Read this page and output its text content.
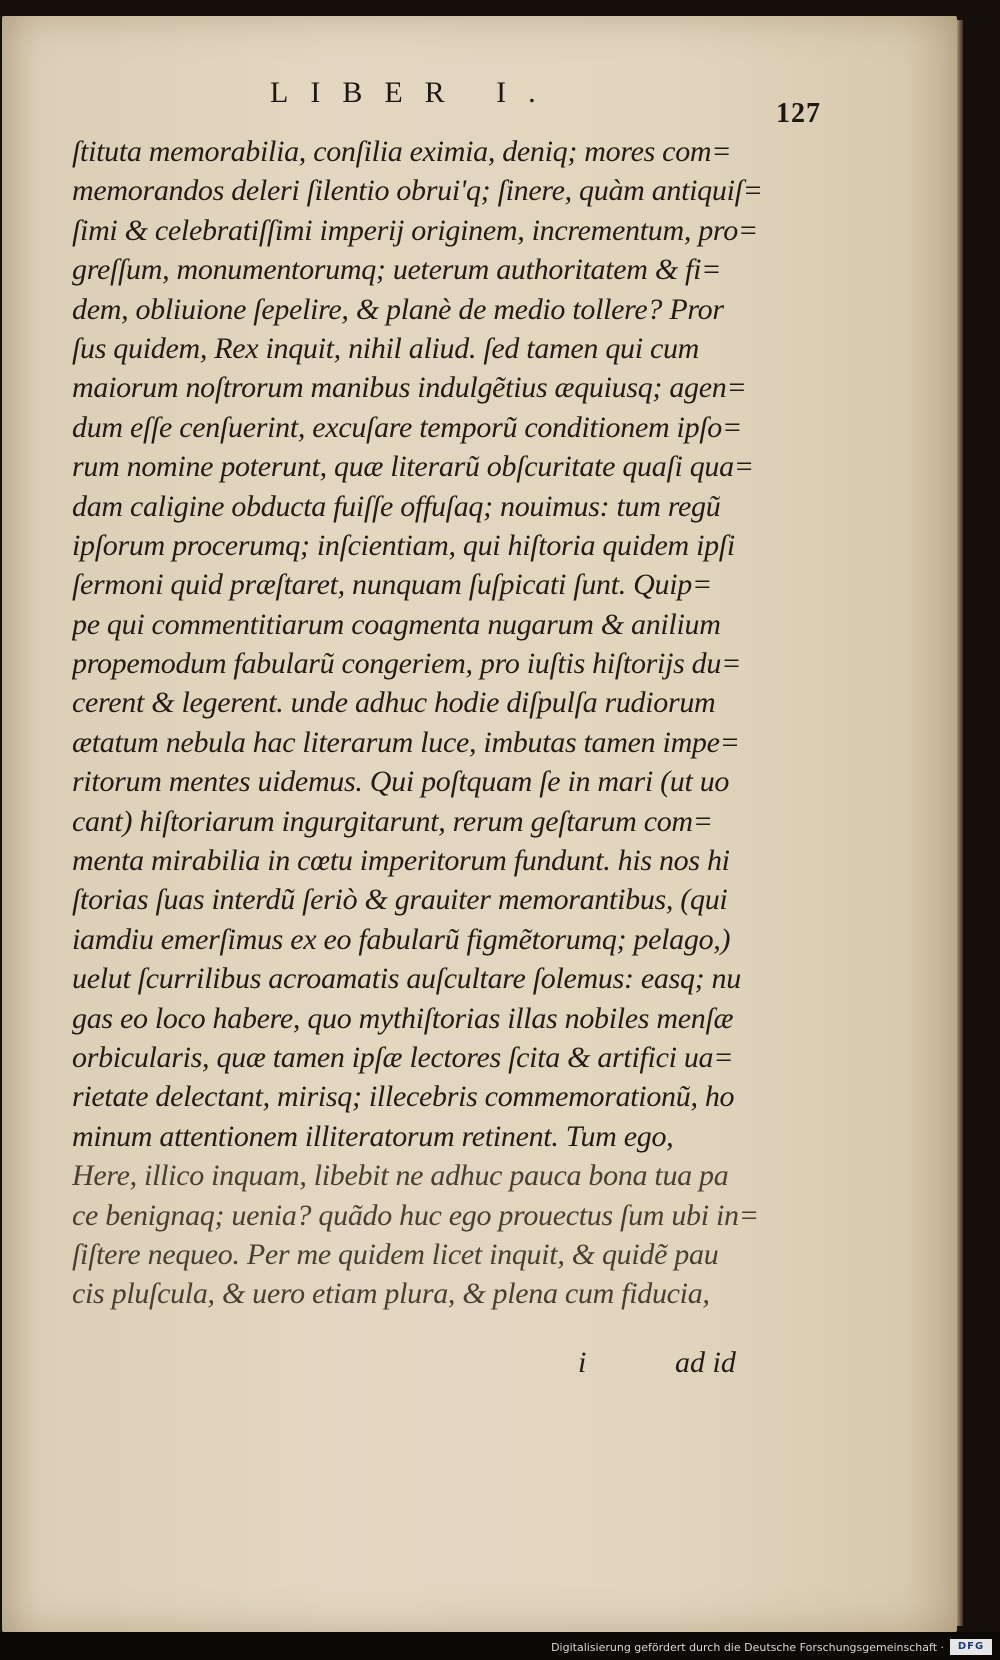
LIBER I.
127
ſtituta memorabilia, conſilia eximia, deniq; mores com=
memorandos deleri ſilentio obrui'q; ſinere, quàm antiquiſ=
ſimi & celebratiſſimi imperij originem, incrementum, pro=
greſſum, monumentorumq; ueterum authoritatem & fi=
dem, obliuione ſepelire, & planè de medio tollere? Pror
ſus quidem, Rex inquit, nihil aliud. ſed tamen qui cum
maiorum noſtrorum manibus indulgẽtius æquiusq; agen=
dum eſſe cenſuerint, excuſare temporũ conditionem ipſo=
rum nomine poterunt, quæ literarũ obſcuritate quaſi qua=
dam caligine obducta fuiſſe offuſaq; nouimus: tum regũ
ipſorum procerumq; inſcientiam, qui hiſtoria quidem ipſi
ſermoni quid præſtaret, nunquam ſuſpicati ſunt. Quip=
pe qui commentitiarum coagmenta nugarum & anilium
propemodum fabularũ congeriem, pro iuſtis hiſtorijs du=
cerent & legerent. unde adhuc hodie diſpulſa rudiorum
ætatum nebula hac literarum luce, imbutas tamen impe=
ritorum mentes uidemus. Qui poſtquam ſe in mari (ut uo
cant) hiſtoriarum ingurgitarunt, rerum geſtarum com=
menta mirabilia in cœtu imperitorum fundunt. his nos hi
ſtorias ſuas interdũ ſeriò & grauiter memorantibus, (qui
iamdiu emerſimus ex eo fabularũ figmẽtorumq; pelago,)
uelut ſcurrilibus acroamatis auſcultare ſolemus: easq; nu
gas eo loco habere, quo mythiſtorias illas nobiles menſæ
orbicularis, quæ tamen ipſæ lectores ſcita & artifici ua=
rietate delectant, mirisq; illecebris commemorationũ, ho
minum attentionem illiteratorum retinent. Tum ego,
Here, illico inquam, libebit ne adhuc pauca bona tua pa
ce benignaq; uenia? quãdo huc ego prouectus ſum ubi in=
ſiſtere nequeo. Per me quidem licet inquit, & quidẽ pau
cis pluſcula, & uero etiam plura, & plena cum fiducia,
i	ad id
Digitalisierung gefördert durch die Deutsche Forschungsgemeinschaft ·	DFG
